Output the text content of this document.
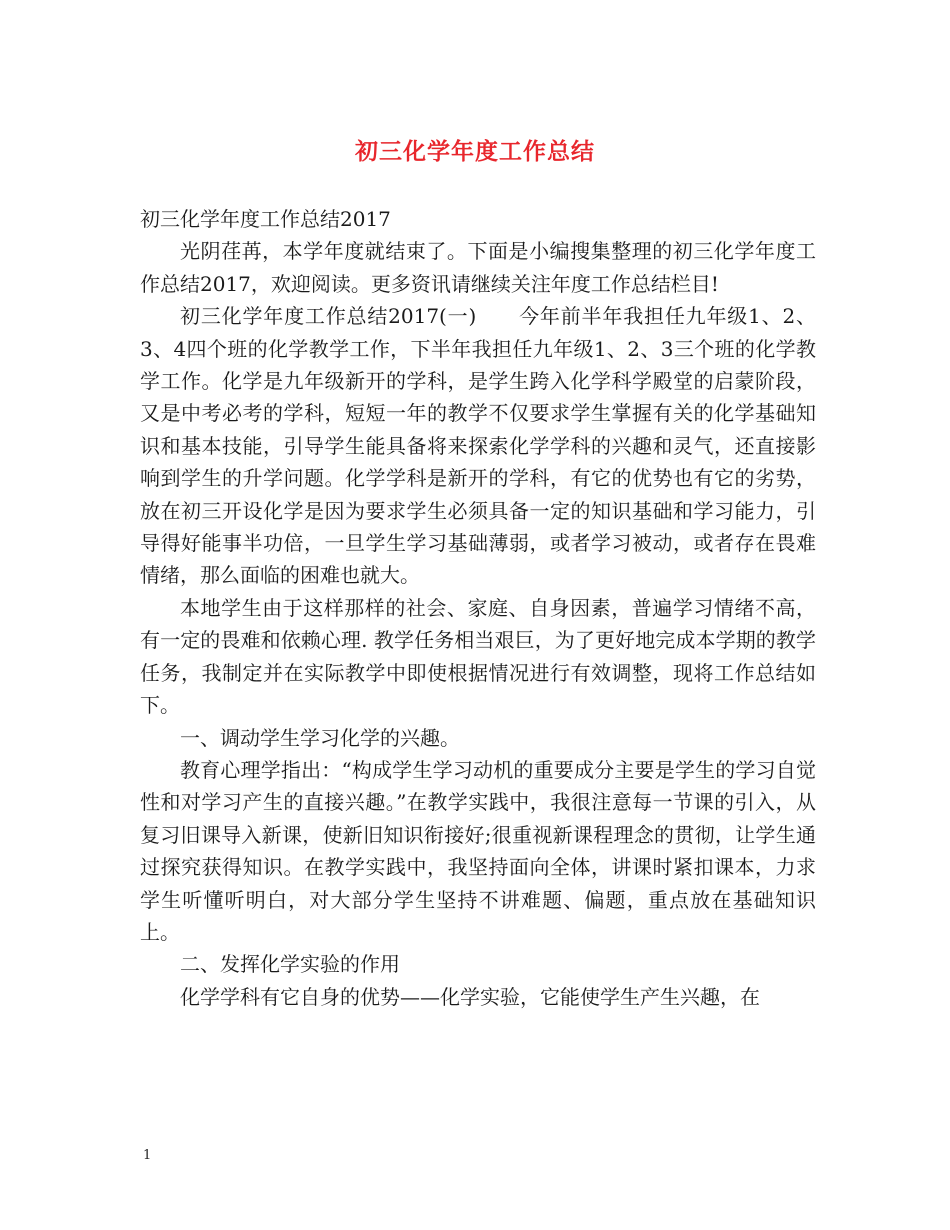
初三化学年度工作总结

初三化学年度工作总结2017

光阴荏苒，本学年度就结束了。下面是小编搜集整理的初三化学年度工作总结2017，欢迎阅读。更多资讯请继续关注年度工作总结栏目!

初三化学年度工作总结2017(一) 今年前半年我担任九年级1、2、3、4四个班的化学教学工作，下半年我担任九年级1、2、3三个班的化学教学工作。化学是九年级新开的学科，是学生跨入化学科学殿堂的启蒙阶段，又是中考必考的学科，短短一年的教学不仅要求学生掌握有关的化学基础知识和基本技能，引导学生能具备将来探索化学学科的兴趣和灵气，还直接影响到学生的升学问题。化学学科是新开的学科，有它的优势也有它的劣势，放在初三开设化学是因为要求学生必须具备一定的知识基础和学习能力，引导得好能事半功倍，一旦学生学习基础薄弱，或者学习被动，或者存在畏难情绪，那么面临的困难也就大。

本地学生由于这样那样的社会、家庭、自身因素，普遍学习情绪不高，有一定的畏难和依赖心理. 教学任务相当艰巨，为了更好地完成本学期的教学任务，我制定并在实际教学中即使根据情况进行有效调整，现将工作总结如下。

一、调动学生学习化学的兴趣。

教育心理学指出：“构成学生学习动机的重要成分主要是学生的学习自觉性和对学习产生的直接兴趣。”在教学实践中，我很注意每一节课的引入，从复习旧课导入新课，使新旧知识衔接好;很重视新课程理念的贯彻，让学生通过探究获得知识。在教学实践中，我坚持面向全体，讲课时紧扣课本，力求学生听懂听明白，对大部分学生坚持不讲难题、偏题，重点放在基础知识上。

二、发挥化学实验的作用

化学学科有它自身的优势——化学实验，它能使学生产生兴趣，在

1
